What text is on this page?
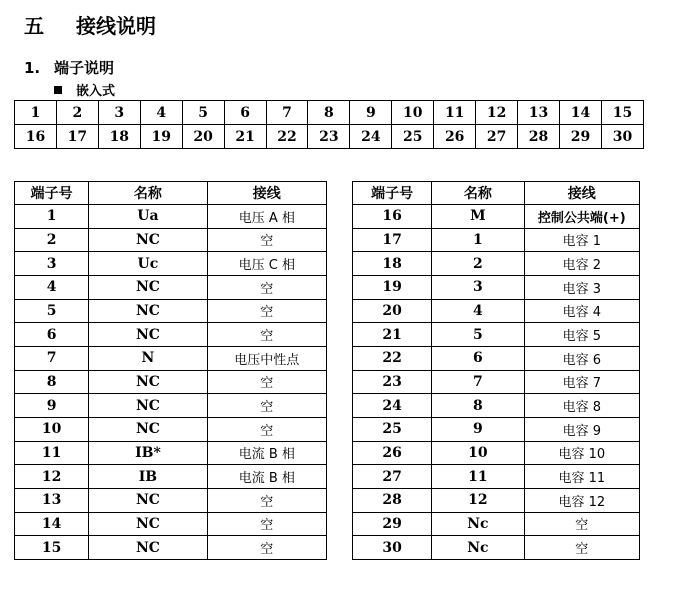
五 接线说明
1. 端子说明
嵌入式
1	2	3	4	5	6	7	8	9	10	11	12	13	14	15
16	17	18	19	20	21	22	23	24	25	26	27	28	29	30
端子号	名称	接线
1	Ua	电压 A 相
2	NC	空
3	Uc	电压 C 相
4	NC	空
5	NC	空
6	NC	空
7	N	电压中性点
8	NC	空
9	NC	空
10	NC	空
11	IB*	电流 B 相
12	IB	电流 B 相
13	NC	空
14	NC	空
15	NC	空
端子号	名称	接线
16	M	控制公共端(+)
17	1	电容 1
18	2	电容 2
19	3	电容 3
20	4	电容 4
21	5	电容 5
22	6	电容 6
23	7	电容 7
24	8	电容 8
25	9	电容 9
26	10	电容 10
27	11	电容 11
28	12	电容 12
29	Nc	空
30	Nc	空
